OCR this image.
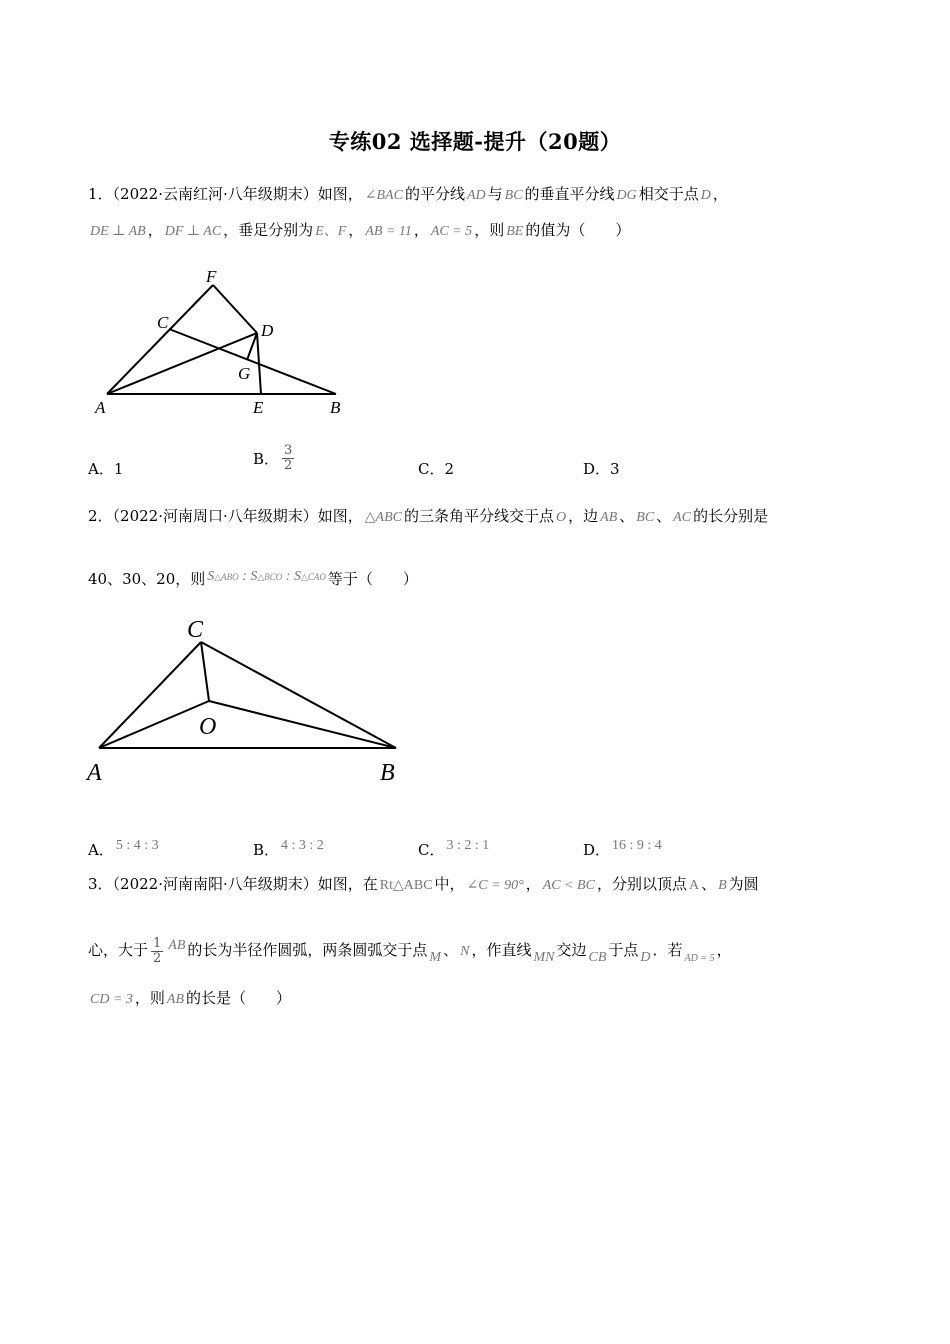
专练02 选择题-提升（20题）
1．（2022·云南红河·八年级期末）如图， ∠BAC 的平分线 AD 与 BC 的垂直平分线 DG 相交于点 D ，
DE ⊥ AB ， DF ⊥ AC ，垂足分别为 E、F ， AB = 11 ， AC = 5 ，则 BE 的值为（　　）
F
C	D
G
A	E	B
A．1
B． $\frac{3}{2}$	C．2	D．3
2．（2022·河南周口·八年级期末）如图， △ABC 的三条角平分线交于点 O ，边 AB 、 BC 、 AC 的长分别是
40、30、20，则 S△ABO : S△BCO : S△CAO 等于（　　）
C
O
A	B
A． 5 : 4 : 3	B． 4 : 3 : 2	C． 3 : 2 : 1	D． 16 : 9 : 4
3．（2022·河南南阳·八年级期末）如图，在 Rt△ABC 中， ∠C = 90° ， AC < BC ，分别以顶点 A 、 B 为圆
心，大于 $\frac{1}{2}$ AB 的长为半径作圆弧，两条圆弧交于点 M 、 N ，作直线 MN 交边 CB 于点 D ．若 $_{AD = 5}$ ，
CD = 3 ，则 AB 的长是（　　）
